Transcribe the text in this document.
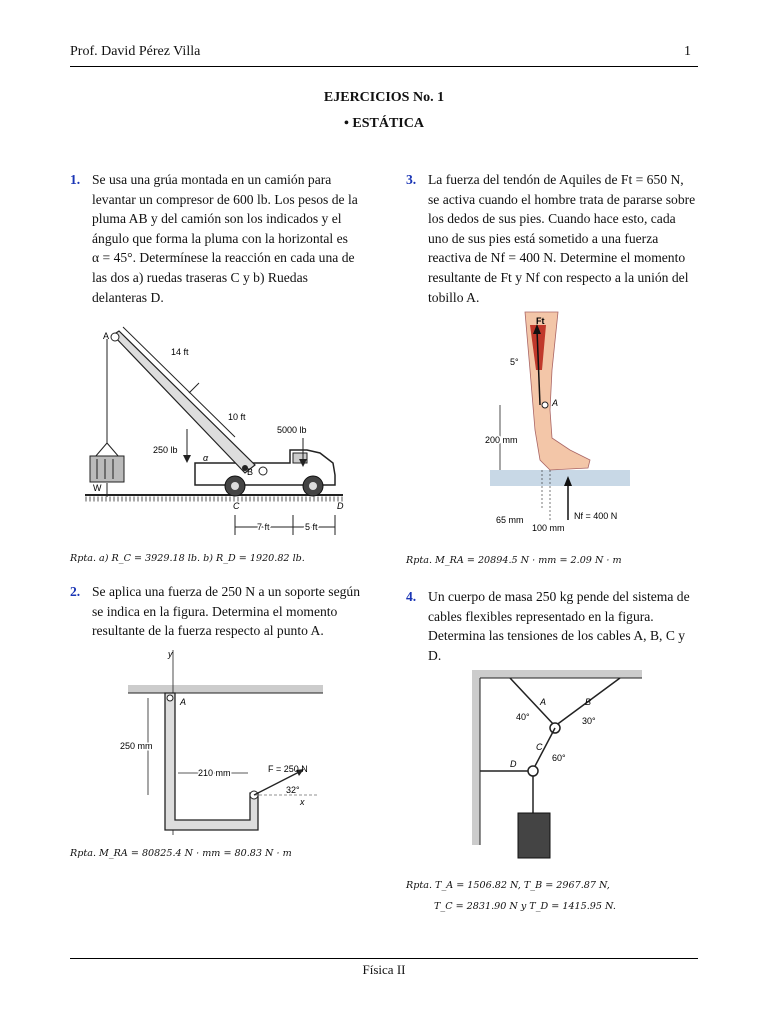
Prof. David Pérez Villa	1
EJERCICIOS No. 1
• ESTÁTICA
1. Se usa una grúa montada en un camión para
levantar un compresor de 600 lb. Los pesos de la
pluma AB y del camión son los indicados y el
ángulo que forma la pluma con la horizontal es
α = 45°. Determínese la reacción en cada una de
las dos a) ruedas traseras C y b) Ruedas
delanteras D.
A
14 ft
10 ft
5000 lb
250 lb
α
B
W
C	D
7 ft	5 ft
Rpta. a) R_C = 3929.18 lb. b) R_D = 1920.82 lb.
2. Se aplica una fuerza de 250 N a un soporte según
se indica en la figura. Determina el momento
resultante de la fuerza respecto al punto A.
y
A
250 mm
210 mm	F = 250 N
32°
x
Rpta. M_RA = 80825.4 N · mm = 80.83 N · m
3. La fuerza del tendón de Aquiles de Ft = 650 N,
se activa cuando el hombre trata de pararse sobre
los dedos de sus pies. Cuando hace esto, cada
uno de sus pies está sometido a una fuerza
reactiva de Nf = 400 N. Determine el momento
resultante de Ft y Nf con respecto a la unión del
tobillo A.
Ft
5°
A
200 mm
Nf = 400 N
65 mm
100 mm
Rpta. M_RA = 20894.5 N · mm = 2.09 N · m
4. Un cuerpo de masa 250 kg pende del sistema de
cables flexibles representado en la figura.
Determina las tensiones de los cables A, B, C y
D.
A	B
40°	30°
C
60°
D
Rpta. T_A = 1506.82 N, T_B = 2967.87 N,
T_C = 2831.90 N y T_D = 1415.95 N.
Física II
